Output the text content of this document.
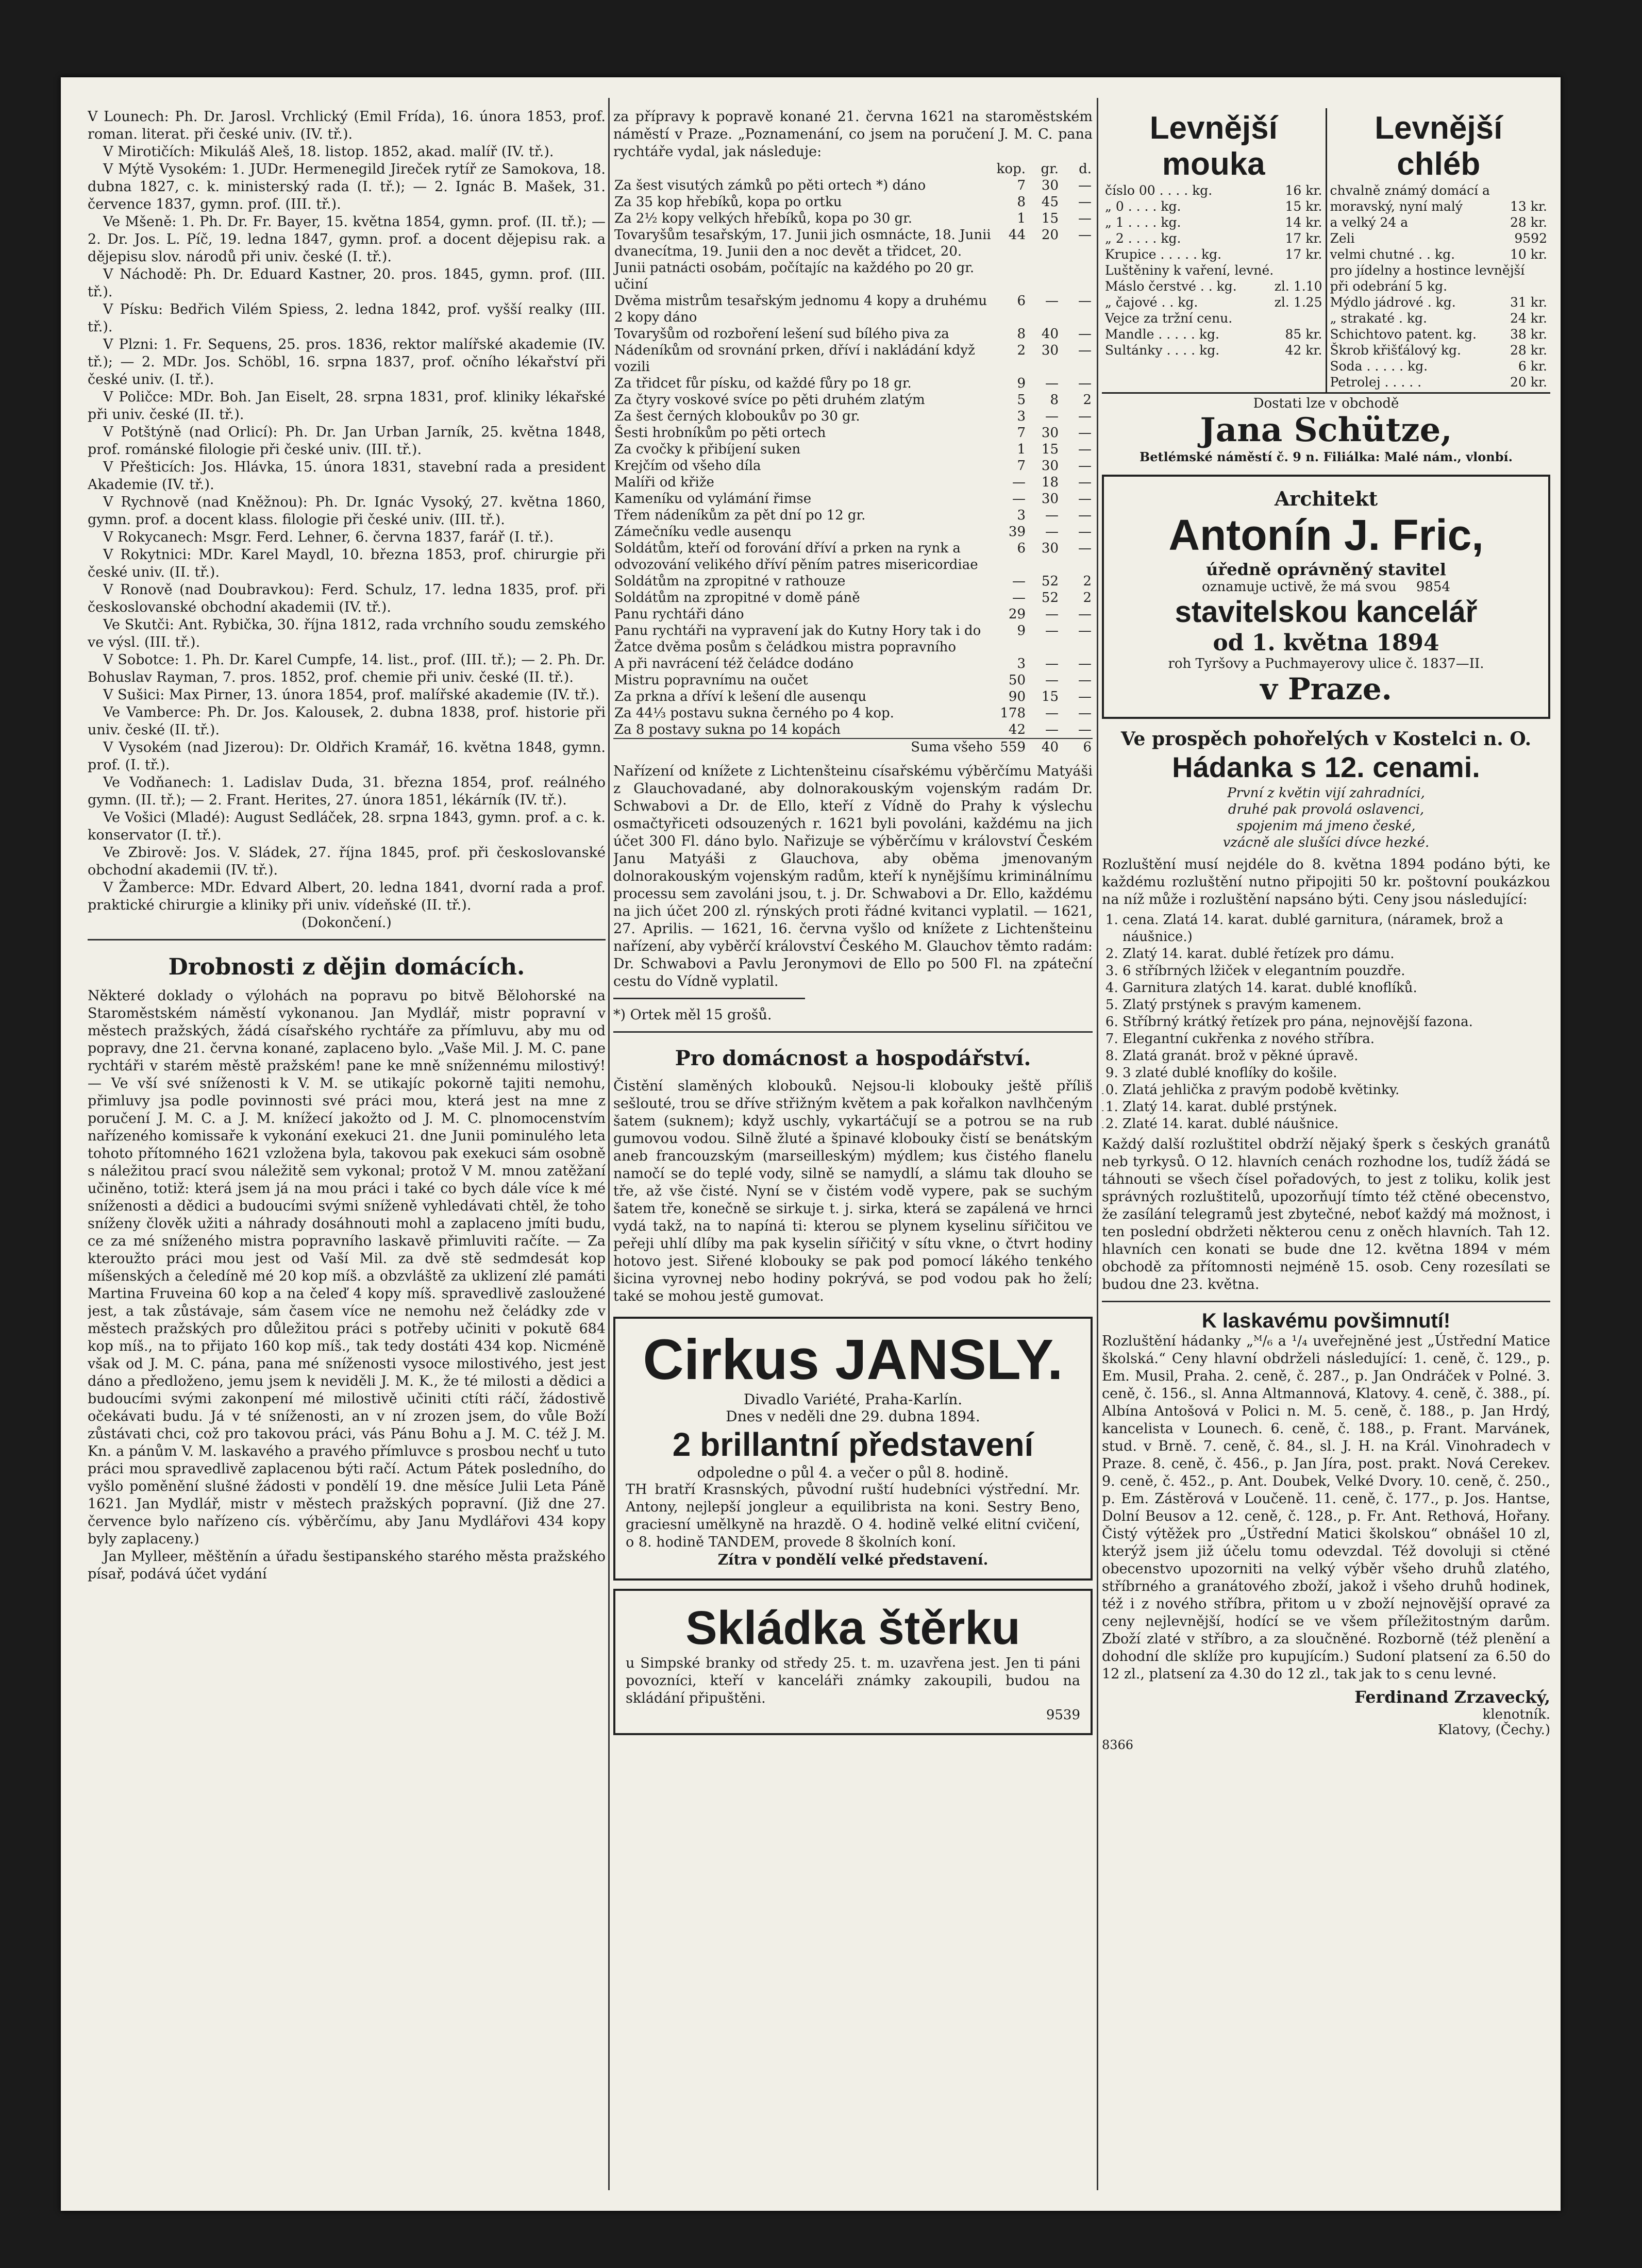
V Lounech: Ph. Dr. Jarosl. Vrchlický (Emil Frída), 16. února 1853, prof. roman. literat. při české univ. (IV. tř.).

V Mirotičích: Mikuláš Aleš, 18. listop. 1852, akad. malíř (IV. tř.).

V Mýtě Vysokém: 1. JUDr. Hermenegild Jireček rytíř ze Samokova, 18. dubna 1827, c. k. ministerský rada (I. tř.); — 2. Ignác B. Mašek, 31. července 1837, gymn. prof. (III. tř.).

Ve Mšeně: 1. Ph. Dr. Fr. Bayer, 15. května 1854, gymn. prof. (II. tř.); — 2. Dr. Jos. L. Píč, 19. ledna 1847, gymn. prof. a docent dějepisu rak. a dějepisu slov. národů při univ. české (I. tř.).

V Náchodě: Ph. Dr. Eduard Kastner, 20. pros. 1845, gymn. prof. (III. tř.).

V Písku: Bedřich Vilém Spiess, 2. ledna 1842, prof. vyšší realky (III. tř.).

V Plzni: 1. Fr. Sequens, 25. pros. 1836, rektor malířské akademie (IV. tř.); — 2. MDr. Jos. Schöbl, 16. srpna 1837, prof. očního lékařství při české univ. (I. tř.).

V Poličce: MDr. Boh. Jan Eiselt, 28. srpna 1831, prof. kliniky lékařské při univ. české (II. tř.).

V Potštýně (nad Orlicí): Ph. Dr. Jan Urban Jarník, 25. května 1848, prof. románské filologie při české univ. (III. tř.).

V Přešticích: Jos. Hlávka, 15. února 1831, stavební rada a president Akademie (IV. tř.).

V Rychnově (nad Kněžnou): Ph. Dr. Ignác Vysoký, 27. května 1860, gymn. prof. a docent klass. filologie při české univ. (III. tř.).

V Rokycanech: Msgr. Ferd. Lehner, 6. června 1837, farář (I. tř.).

V Rokytnici: MDr. Karel Maydl, 10. března 1853, prof. chirurgie při české univ. (II. tř.).

V Ronově (nad Doubravkou): Ferd. Schulz, 17. ledna 1835, prof. při českoslovanské obchodní akademii (IV. tř.).

Ve Skutči: Ant. Rybička, 30. října 1812, rada vrchního soudu zemského ve výsl. (III. tř.).

V Sobotce: 1. Ph. Dr. Karel Cumpfe, 14. list., prof. (III. tř.); — 2. Ph. Dr. Bohuslav Rayman, 7. pros. 1852, prof. chemie při univ. české (II. tř.).

V Sušici: Max Pirner, 13. února 1854, prof. malířské akademie (IV. tř.).

Ve Vamberce: Ph. Dr. Jos. Kalousek, 2. dubna 1838, prof. historie při univ. české (II. tř.).

V Vysokém (nad Jizerou): Dr. Oldřich Kramář, 16. května 1848, gymn. prof. (I. tř.).

Ve Vodňanech: 1. Ladislav Duda, 31. března 1854, prof. reálného gymn. (II. tř.); — 2. Frant. Herites, 27. února 1851, lékárník (IV. tř.).

Ve Vošici (Mladé): August Sedláček, 28. srpna 1843, gymn. prof. a c. k. konservator (I. tř.).

Ve Zbirově: Jos. V. Sládek, 27. října 1845, prof. při českoslovanské obchodní akademii (IV. tř.).

V Žamberce: MDr. Edvard Albert, 20. ledna 1841, dvorní rada a prof. praktické chirurgie a kliniky při univ. vídeňské (II. tř.).

(Dokončení.)

Drobnosti z dějin domácích.

Některé doklady o výlohách na popravu po bitvě Bělohorské na Staroměstském náměstí vykonanou. Jan Mydlář, mistr popravní v městech pražských, žádá císařského rychtáře za přímluvu, aby mu od popravy, dne 21. června konané, zaplaceno bylo. „Vaše Mil. J. M. C. pane rychtáři v starém městě pražském! pane ke mně snížennému milostivý! — Ve vší své sníženosti k V. M. se utikajíc pokorně tajiti nemohu, přimluvy jsa podle povinnosti své práci mou, která jest na mne z poručení J. M. C. a J. M. knížecí jakožto od J. M. C. plnomocenstvím nařízeného komissaře k vykonání exekuci 21. dne Junii pominulého leta tohoto přítomného 1621 vzložena byla, takovou pak exekuci sám osobně s náležitou prací svou náležitě sem vykonal; protož V M. mnou zatěžaní učiněno, totiž: která jsem já na mou práci i také co bych dále více k mé sníženosti a dědici a budoucími svými sníženě vyhledávati chtěl, že toho sníženy člověk užiti a náhrady dosáhnouti mohl a zaplaceno jmíti budu, ce za mé sníženého mistra popravního laskavě přimluviti račíte. — Za kteroužto práci mou jest od Vaší Mil. za dvě stě sedmdesát kop míšenských a čeledíně mé 20 kop míš. a obzvláště za uklizení zlé památi Martina Fruveina 60 kop a na čeleď 4 kopy míš. spravedlivě zasloužené jest, a tak zůstávaje, sám časem více ne nemohu než čeládky zde v městech pražských pro důležitou práci s potřeby učiniti v pokutě 684 kop míš., na to přijato 160 kop míš., tak tedy dostáti 434 kop. Nicméně však od J. M. C. pána, pana mé sníženosti vysoce milostivého, jest jest dáno a předloženo, jemu jsem k neviděli J. M. K., že té milosti a dědici a budoucími svými zakonpení mé milostivě učiniti ctíti ráčí, žádostivě očekávati budu. Já v té sníženosti, an v ní zrozen jsem, do vůle Boží zůstávati chci, což pro takovou práci, vás Pánu Bohu a J. M. C. též J. M. Kn. a pánům V. M. laskavého a pravého přímluvce s prosbou nechť u tuto práci mou spravedlivě zaplacenou býti račí. Actum Pátek posledního, do vyšlo poměnění slušné žádosti v pondělí 19. dne měsíce Julii Leta Páně 1621. Jan Mydlář, mistr v městech pražských popravní. (Již dne 27. července bylo nařízeno cís. výběrčímu, aby Janu Mydlářovi 434 kopy byly zaplaceny.)

Jan Mylleer, měštěnín a úřadu šestipanského starého města pražského písař, podává účet vydání

za přípravy k popravě konané 21. června 1621 na staroměstském náměstí v Praze. „Poznamenání, co jsem na poručení J. M. C. pana rychtáře vydal, jak následuje:

	kop.	gr.	d.
Za šest visutých zámků po pěti ortech *) dáno	7	30	—
Za 35 kop hřebíků, kopa po ortku	8	45	—
Za 2½ kopy velkých hřebíků, kopa po 30 gr.	1	15	—
Tovaryšům tesařským, 17. Junii jich osmnácte, 18. Junii dvanecítma, 19. Junii den a noc devět a třidcet, 20. Junii patnácti osobám, počítajíc na každého po 20 gr. učiní	44	20	—
Dvěma mistrům tesařským jednomu 4 kopy a druhému 2 kopy dáno	6	—	—
Tovaryšům od rozboření lešení sud bílého piva za	8	40	—
Nádeníkům od srovnání prken, dříví i nakládání když vozili	2	30	—
Za třidcet fůr písku, od každé fůry po 18 gr.	9	—	—
Za čtyry voskové svíce po pěti druhém zlatým	5	8	2
Za šest černých kloboukův po 30 gr.	3	—	—
Šesti hrobníkům po pěti ortech	7	30	—
Za cvočky k přibíjení suken	1	15	—
Krejčím od všeho díla	7	30	—
Malíři od křiže	—	18	—
Kameníku od vylámání řimse	—	30	—
Třem nádeníkům za pět dní po 12 gr.	3	—	—
Zámečníku vedle ausenqu	39	—	—
Soldátům, kteří od forování dříví a prken na rynk a odvozování velikého dříví pěním patres misericordiae	6	30	—
Soldátům na zpropitné v rathouze	—	52	2
Soldátům na zpropitné v domě páně	—	52	2
Panu rychtáři dáno	29	—	—
Panu rychtáři na vypravení jak do Kutny Hory tak i do Žatce dvěma posům s čeládkou mistra popravního	9	—	—
A při navrácení též čeládce dodáno	3	—	—
Mistru popravnímu na oučet	50	—	—
Za prkna a dříví k lešení dle ausenqu	90	15	—
Za 44⅓ postavu sukna černého po 4 kop.	178	—	—
Za 8 postavy sukna po 14 kopách	42	—	—
Suma všeho	559	40	6

Nařízení od knížete z Lichtenšteinu císařskému výběrčímu Matyáši z Glauchovadané, aby dolnorakouským vojenským radám Dr. Schwabovi a Dr. de Ello, kteří z Vídně do Prahy k výslechu osmačtyřiceti odsouzených r. 1621 byli povoláni, každému na jich účet 300 Fl. dáno bylo. Nařizuje se výběrčímu v království Českém Janu Matyáši z Glauchova, aby oběma jmenovaným dolnorakouským vojenským radům, kteří k nynějšímu kriminálnímu processu sem zavoláni jsou, t. j. Dr. Schwabovi a Dr. Ello, každému na jich účet 200 zl. rýnských proti řádné kvitanci vyplatil. — 1621, 27. Aprilis. — 1621, 16. června vyšlo od knížete z Lichtenšteinu nařízení, aby vyběrčí království Českého M. Glauchov těmto radám: Dr. Schwabovi a Pavlu Jeronymovi de Ello po 500 Fl. na zpáteční cestu do Vídně vyplatil.

*) Ortek měl 15 grošů.

Pro domácnost a hospodářství.

Čistění slaměných klobouků. Nejsou-li klobouky ještě příliš sešlouté, trou se dříve střižným květem a pak kořalkon navlhčeným šatem (suknem); když uschly, vykartáčují se a potrou se na rub gumovou vodou. Silně žluté a špinavé klobouky čistí se benátským aneb francouzským (marseilleským) mýdlem; kus čistého flanelu namočí se do teplé vody, silně se namydlí, a slámu tak dlouho se tře, až vše čisté. Nyní se v čistém vodě vypere, pak se suchým šatem tře, konečně se sirkuje t. j. sirka, která se zapálená ve hrnci vydá takž, na to napíná ti: kterou se plynem kyselinu sířičitou ve peřeji uhlí dlíby ma pak kyselin sířičitý v sítu vkne, o čtvrt hodiny hotovo jest. Siřené klobouky se pak pod pomocí lákého tenkého šicina vyrovnej nebo hodiny pokrývá, se pod vodou pak ho želí; také se mohou jestě gumovat.

Cirkus JANSLY.
Divadlo Variété, Praha-Karlín.
Dnes v neděli dne 29. dubna 1894.
2 brillantní představení
odpoledne o půl 4. a večer o půl 8. hodině.

TH bratří Krasnských, původní ruští hudebníci výstřední. Mr. Antony, nejlepší jongleur a equilibrista na koni. Sestry Beno, graciesní umělkyně na hrazdě. O 4. hodině velké elitní cvičení, o 8. hodině TANDEM, provede 8 školních koní.

Zítra v pondělí velké představení.
Skládka štěrku

u Simpské branky od středy 25. t. m. uzavřena jest. Jen ti páni povozníci, kteří v kanceláři známky zakoupili, budou na skládání připuštěni.

9539
Levnější mouka
číslo 00 . . . . kg.	16 kr.
„ 0 . . . . kg.	15 kr.
„ 1 . . . . kg.	14 kr.
„ 2 . . . . kg.	17 kr.
Krupice . . . . . kg.	17 kr.
Luštěniny k vaření, levné.
Máslo čerstvé . . kg.	zl. 1.10
„ čajové . . kg.	zl. 1.25
Vejce za tržní cenu.
Mandle . . . . . kg.	85 kr.
Sultánky . . . . kg.	42 kr.
Levnější chléb
chvalně známý domácí a
moravský, nyní malý	13 kr.
a velký 24 a	28 kr.
Zeli	9592
velmi chutné . . kg.	10 kr.
pro jídelny a hostince levnější při odebrání 5 kg.
Mýdlo jádrové . kg.	31 kr.
„ strakaté . kg.	24 kr.
Schichtovo patent. kg.	38 kr.
Škrob křišťálový kg.	28 kr.
Soda . . . . . kg.	6 kr.
Petrolej . . . . .	20 kr.
Dostati lze v obchodě
Jana Schütze,
Betlémské náměstí č. 9 n. Filiálka: Malé nám., vlonbí.
Architekt
Antonín J. Fric,
úředně oprávněný stavitel
oznamuje uctivě, že má svou 9854
stavitelskou kancelář
od 1. května 1894
roh Tyršovy a Puchmayerovy ulice č. 1837—II.
v Praze.
Ve prospěch pohořelých v Kostelci n. O.
Hádanka s 12. cenami.
První z květin vijí zahradníci,
druhé pak provolá oslavenci,
spojenim má jmeno české,
vzácně ale slušíci dívce hezké.

Rozluštění musí nejdéle do 8. května 1894 podáno býti, ke každému rozluštění nutno připojiti 50 kr. poštovní poukázkou na níž může i rozluštění napsáno býti. Ceny jsou následující:

1. cena. Zlatá 14. karat. dublé garnitura, (náramek, brož a náušnice.)
2. Zlatý 14. karat. dublé řetízek pro dámu.
3. 6 stříbrných lžiček v elegantním pouzdře.
4. Garnitura zlatých 14. karat. dublé knoflíků.
5. Zlatý prstýnek s pravým kamenem.
6. Stříbrný krátký řetízek pro pána, nejnovější fazona.
7. Elegantní cukřenka z nového stříbra.
8. Zlatá granát. brož v pěkné úpravě.
9. 3 zlaté dublé knoflíky do košile.
10. Zlatá jehlička z pravým podobě květinky.
11. Zlatý 14. karat. dublé prstýnek.
12. Zlaté 14. karat. dublé náušnice.

Každý další rozluštitel obdrží nějaký šperk s českých granátů neb tyrkysů. O 12. hlavních cenách rozhodne los, tudíž žádá se táhnouti se všech čísel pořadových, to jest z toliku, kolik jest správných rozluštitelů, upozorňují tímto též ctěné obecenstvo, že zasílání telegramů jest zbytečné, neboť každý má možnost, i ten poslední obdržeti některou cenu z oněch hlavních. Tah 12. hlavních cen konati se bude dne 12. května 1894 v mém obchodě za přítomnosti nejméně 15. osob. Ceny rozesílati se budou dne 23. května.

K laskavému povšimnutí!

Rozluštění hádanky „ᴹ/₆ a ¹/₄ uveřejněné jest „Ústřední Matice školská.“ Ceny hlavní obdrželi následující: 1. ceně, č. 129., p. Em. Musil, Praha. 2. ceně, č. 287., p. Jan Ondráček v Polné. 3. ceně, č. 156., sl. Anna Altmannová, Klatovy. 4. ceně, č. 388., pí. Albína Antošová v Polici n. M. 5. ceně, č. 188., p. Jan Hrdý, kancelista v Lounech. 6. ceně, č. 188., p. Frant. Marvánek, stud. v Brně. 7. ceně, č. 84., sl. J. H. na Král. Vinohradech v Praze. 8. ceně, č. 456., p. Jan Jíra, post. prakt. Nová Cerekev. 9. ceně, č. 452., p. Ant. Doubek, Velké Dvory. 10. ceně, č. 250., p. Em. Zástěrová v Loučeně. 11. ceně, č. 177., p. Jos. Hantse, Dolní Beusov a 12. ceně, č. 128., p. Fr. Ant. Rethová, Hořany. Čistý výtěžek pro „Ústřední Matici školskou“ obnášel 10 zl, kterýž jsem již účelu tomu odevzdal. Též dovoluji si ctěné obecenstvo upozorniti na velký výběr všeho druhů zlatého, stříbrného a granátového zboží, jakož i všeho druhů hodinek, též i z nového stříbra, přitom u v zboží nejnovější opravé za ceny nejlevnější, hodící se ve všem příležitostným darům. Zboží zlaté v stříbro, a za sloučněné. Rozborně (též plenění a dohodní dle sklíže pro kupujícím.) Sudoní platsení za 6.50 do 12 zl., platsení za 4.30 do 12 zl., tak jak to s cenu levné.

Ferdinand Zrzavecký,
klenotník.
Klatovy, (Čechy.)
8366
